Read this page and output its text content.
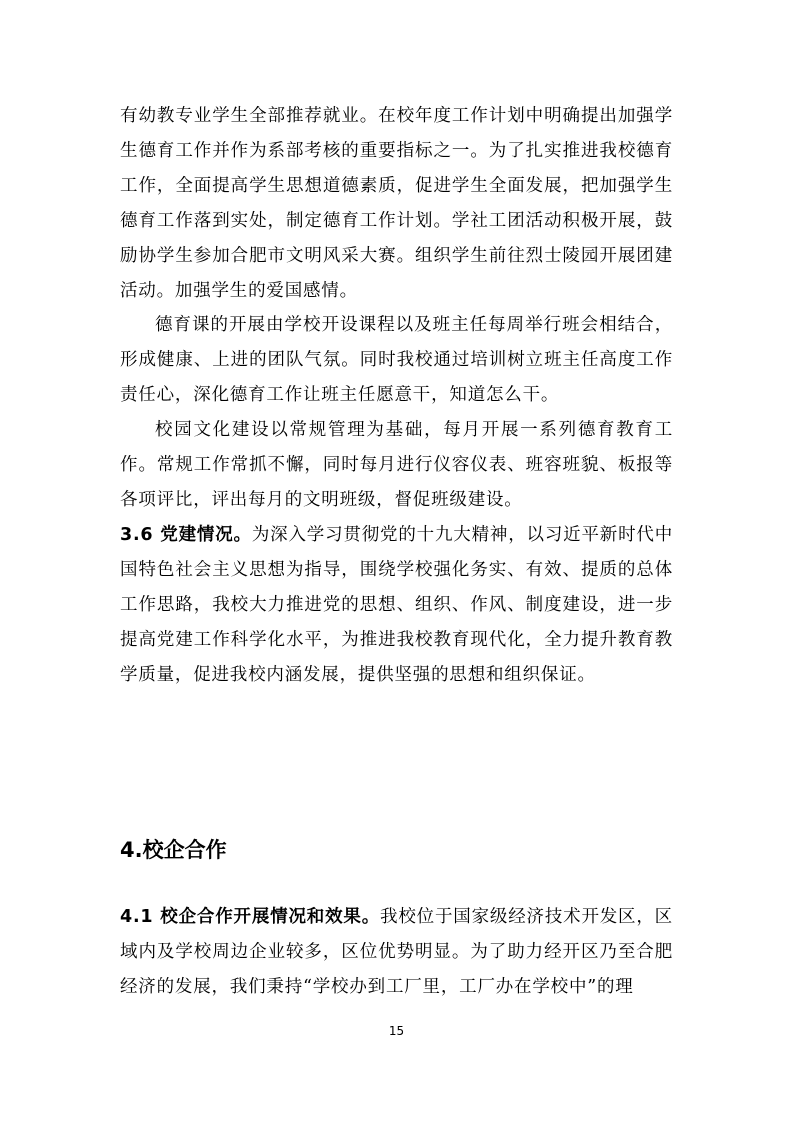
有幼教专业学生全部推荐就业。在校年度工作计划中明确提出加强学生德育工作并作为系部考核的重要指标之一。为了扎实推进我校德育工作，全面提高学生思想道德素质，促进学生全面发展，把加强学生德育工作落到实处，制定德育工作计划。学社工团活动积极开展，鼓励协学生参加合肥市文明风采大赛。组织学生前往烈士陵园开展团建活动。加强学生的爱国感情。

德育课的开展由学校开设课程以及班主任每周举行班会相结合，形成健康、上进的团队气氛。同时我校通过培训树立班主任高度工作责任心，深化德育工作让班主任愿意干，知道怎么干。

校园文化建设以常规管理为基础，每月开展一系列德育教育工作。常规工作常抓不懈，同时每月进行仪容仪表、班容班貌、板报等各项评比，评出每月的文明班级，督促班级建设。

3.6 党建情况。为深入学习贯彻党的十九大精神，以习近平新时代中国特色社会主义思想为指导，围绕学校强化务实、有效、提质的总体工作思路，我校大力推进党的思想、组织、作风、制度建设，进一步提高党建工作科学化水平，为推进我校教育现代化，全力提升教育教学质量，促进我校内涵发展，提供坚强的思想和组织保证。

4.校企合作

4.1 校企合作开展情况和效果。我校位于国家级经济技术开发区，区域内及学校周边企业较多，区位优势明显。为了助力经开区乃至合肥经济的发展，我们秉持“学校办到工厂里，工厂办在学校中”的理

15
